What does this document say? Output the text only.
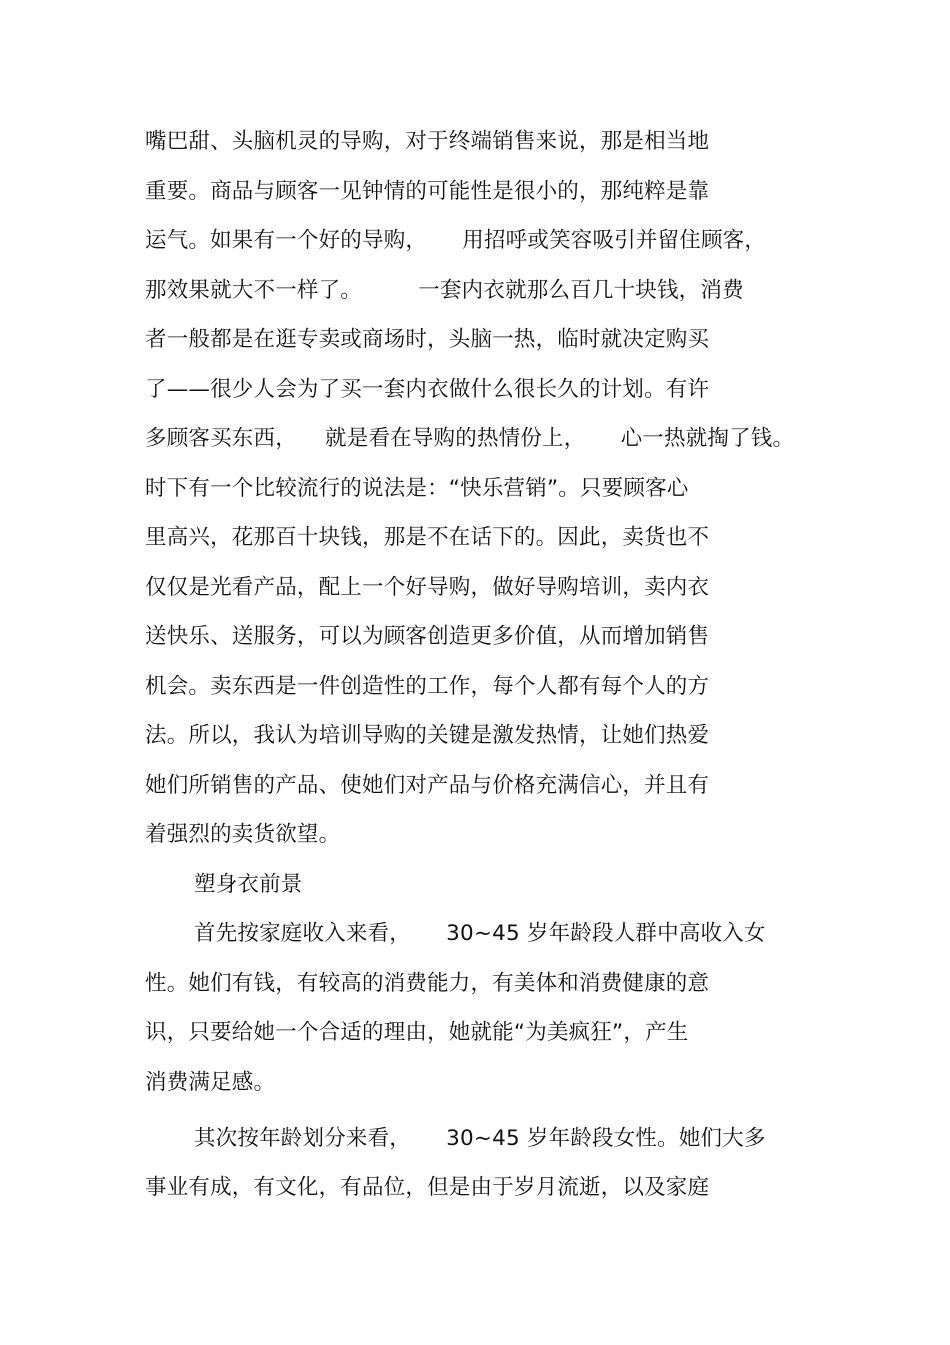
嘴巴甜、头脑机灵的导购，对于终端销售来说，那是相当地
重要。商品与顾客一见钟情的可能性是很小的，那纯粹是靠
运气。如果有一个好的导购，     用招呼或笑容吸引并留住顾客，
那效果就大不一样了。        一套内衣就那么百几十块钱，消费
者一般都是在逛专卖或商场时，头脑一热，临时就决定购买
了——很少人会为了买一套内衣做什么很长久的计划。有许
多顾客买东西，    就是看在导购的热情份上，     心一热就掏了钱。
时下有一个比较流行的说法是：“快乐营销”。只要顾客心
里高兴，花那百十块钱，那是不在话下的。因此，卖货也不
仅仅是光看产品，配上一个好导购，做好导购培训，卖内衣
送快乐、送服务，可以为顾客创造更多价值，从而增加销售
机会。卖东西是一件创造性的工作，每个人都有每个人的方
法。所以，我认为培训导购的关键是激发热情，让她们热爱
她们所销售的产品、使她们对产品与价格充满信心，并且有
着强烈的卖货欲望。
塑身衣前景
首先按家庭收入来看，     30~45 岁年龄段人群中高收入女
性。她们有钱，有较高的消费能力，有美体和消费健康的意
识，只要给她一个合适的理由，她就能“为美疯狂”，产生
消费满足感。
其次按年龄划分来看，     30~45 岁年龄段女性。她们大多
事业有成，有文化，有品位，但是由于岁月流逝，以及家庭
